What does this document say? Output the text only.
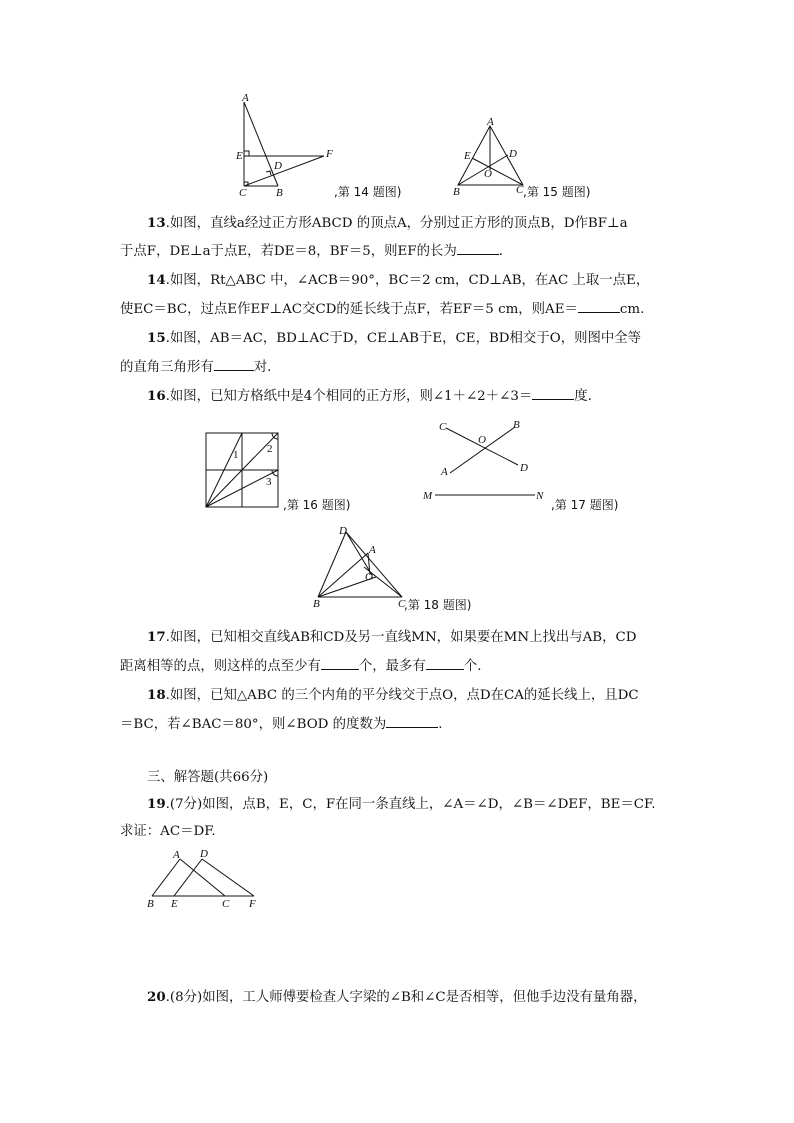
A
E
D
F
C	B	,第 14 题图)
A
E	D
O
B	C ,第 15 题图)
13.如图，直线a经过正方形ABCD 的顶点A，分别过正方形的顶点B，D作BF⊥a
于点F，DE⊥a于点E，若DE＝8，BF＝5，则EF的长为	.
14.如图，Rt△ABC 中，∠ACB＝90°，BC＝2 cm，CD⊥AB，在AC 上取一点E，
使EC＝BC，过点E作EF⊥AC交CD的延长线于点F，若EF＝5 cm，则AE＝	cm.
15.如图，AB＝AC，BD⊥AC于D，CE⊥AB于E，CE，BD相交于O，则图中全等
的直角三角形有	对.
16.如图，已知方格纸中是4个相同的正方形，则∠1＋∠2＋∠3＝	度.
1	2
3
,第 16 题图)
C
O
B
A	D
M	N
,第 17 题图)
D
A
O
B	C
,第 18 题图)
17.如图，已知相交直线AB和CD及另一直线MN，如果要在MN上找出与AB，CD
距离相等的点，则这样的点至少有	个，最多有	个.
18.如图，已知△ABC 的三个内角的平分线交于点O，点D在CA的延长线上，且DC
＝BC，若∠BAC＝80°，则∠BOD 的度数为	.
三、解答题(共66分)
19.(7分)如图，点B，E，C，F在同一条直线上，∠A＝∠D，∠B＝∠DEF，BE＝CF.
求证：AC＝DF.
A D
B E	C F
20.(8分)如图，工人师傅要检查人字梁的∠B和∠C是否相等，但他手边没有量角器，
